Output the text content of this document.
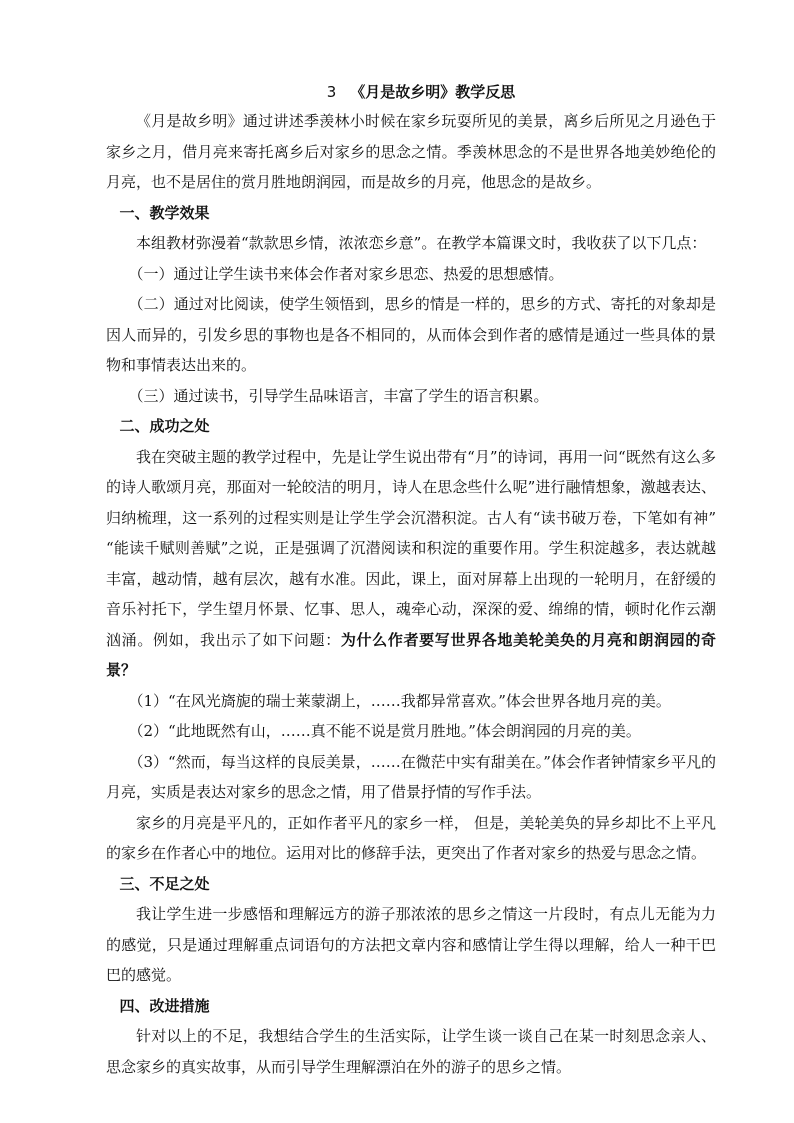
3 《月是故乡明》教学反思

《月是故乡明》通过讲述季羡林小时候在家乡玩耍所见的美景，离乡后所见之月逊色于家乡之月，借月亮来寄托离乡后对家乡的思念之情。季羡林思念的不是世界各地美妙绝伦的月亮，也不是居住的赏月胜地朗润园，而是故乡的月亮，他思念的是故乡。

一、教学效果

本组教材弥漫着“款款思乡情，浓浓恋乡意”。在教学本篇课文时，我收获了以下几点：

（一）通过让学生读书来体会作者对家乡思恋、热爱的思想感情。

（二）通过对比阅读，使学生领悟到，思乡的情是一样的，思乡的方式、寄托的对象却是因人而异的，引发乡思的事物也是各不相同的，从而体会到作者的感情是通过一些具体的景物和事情表达出来的。

（三）通过读书，引导学生品味语言，丰富了学生的语言积累。

二、成功之处

我在突破主题的教学过程中，先是让学生说出带有“月”的诗词，再用一问“既然有这么多的诗人歌颂月亮，那面对一轮皎洁的明月，诗人在思念些什么呢”进行融情想象，激越表达、归纳梳理，这一系列的过程实则是让学生学会沉潜积淀。古人有“读书破万卷，下笔如有神” “能读千赋则善赋”之说，正是强调了沉潜阅读和积淀的重要作用。学生积淀越多，表达就越丰富，越动情，越有层次，越有水准。因此，课上，面对屏幕上出现的一轮明月，在舒缓的音乐衬托下，学生望月怀景、忆事、思人，魂牵心动，深深的爱、绵绵的情，顿时化作云潮汹涌。例如，我出示了如下问题：为什么作者要写世界各地美轮美奂的月亮和朗润园的奇景？

（1）“在风光旖旎的瑞士莱蒙湖上，……我都异常喜欢。”体会世界各地月亮的美。

（2）“此地既然有山，……真不能不说是赏月胜地。”体会朗润园的月亮的美。

（3）“然而，每当这样的良辰美景，……在微茫中实有甜美在。”体会作者钟情家乡平凡的月亮，实质是表达对家乡的思念之情，用了借景抒情的写作手法。

家乡的月亮是平凡的，正如作者平凡的家乡一样， 但是，美轮美奂的异乡却比不上平凡的家乡在作者心中的地位。运用对比的修辞手法，更突出了作者对家乡的热爱与思念之情。

三、不足之处

我让学生进一步感悟和理解远方的游子那浓浓的思乡之情这一片段时，有点儿无能为力的感觉，只是通过理解重点词语句的方法把文章内容和感情让学生得以理解，给人一种干巴巴的感觉。

四、改进措施

针对以上的不足，我想结合学生的生活实际，让学生谈一谈自己在某一时刻思念亲人、思念家乡的真实故事，从而引导学生理解漂泊在外的游子的思乡之情。
